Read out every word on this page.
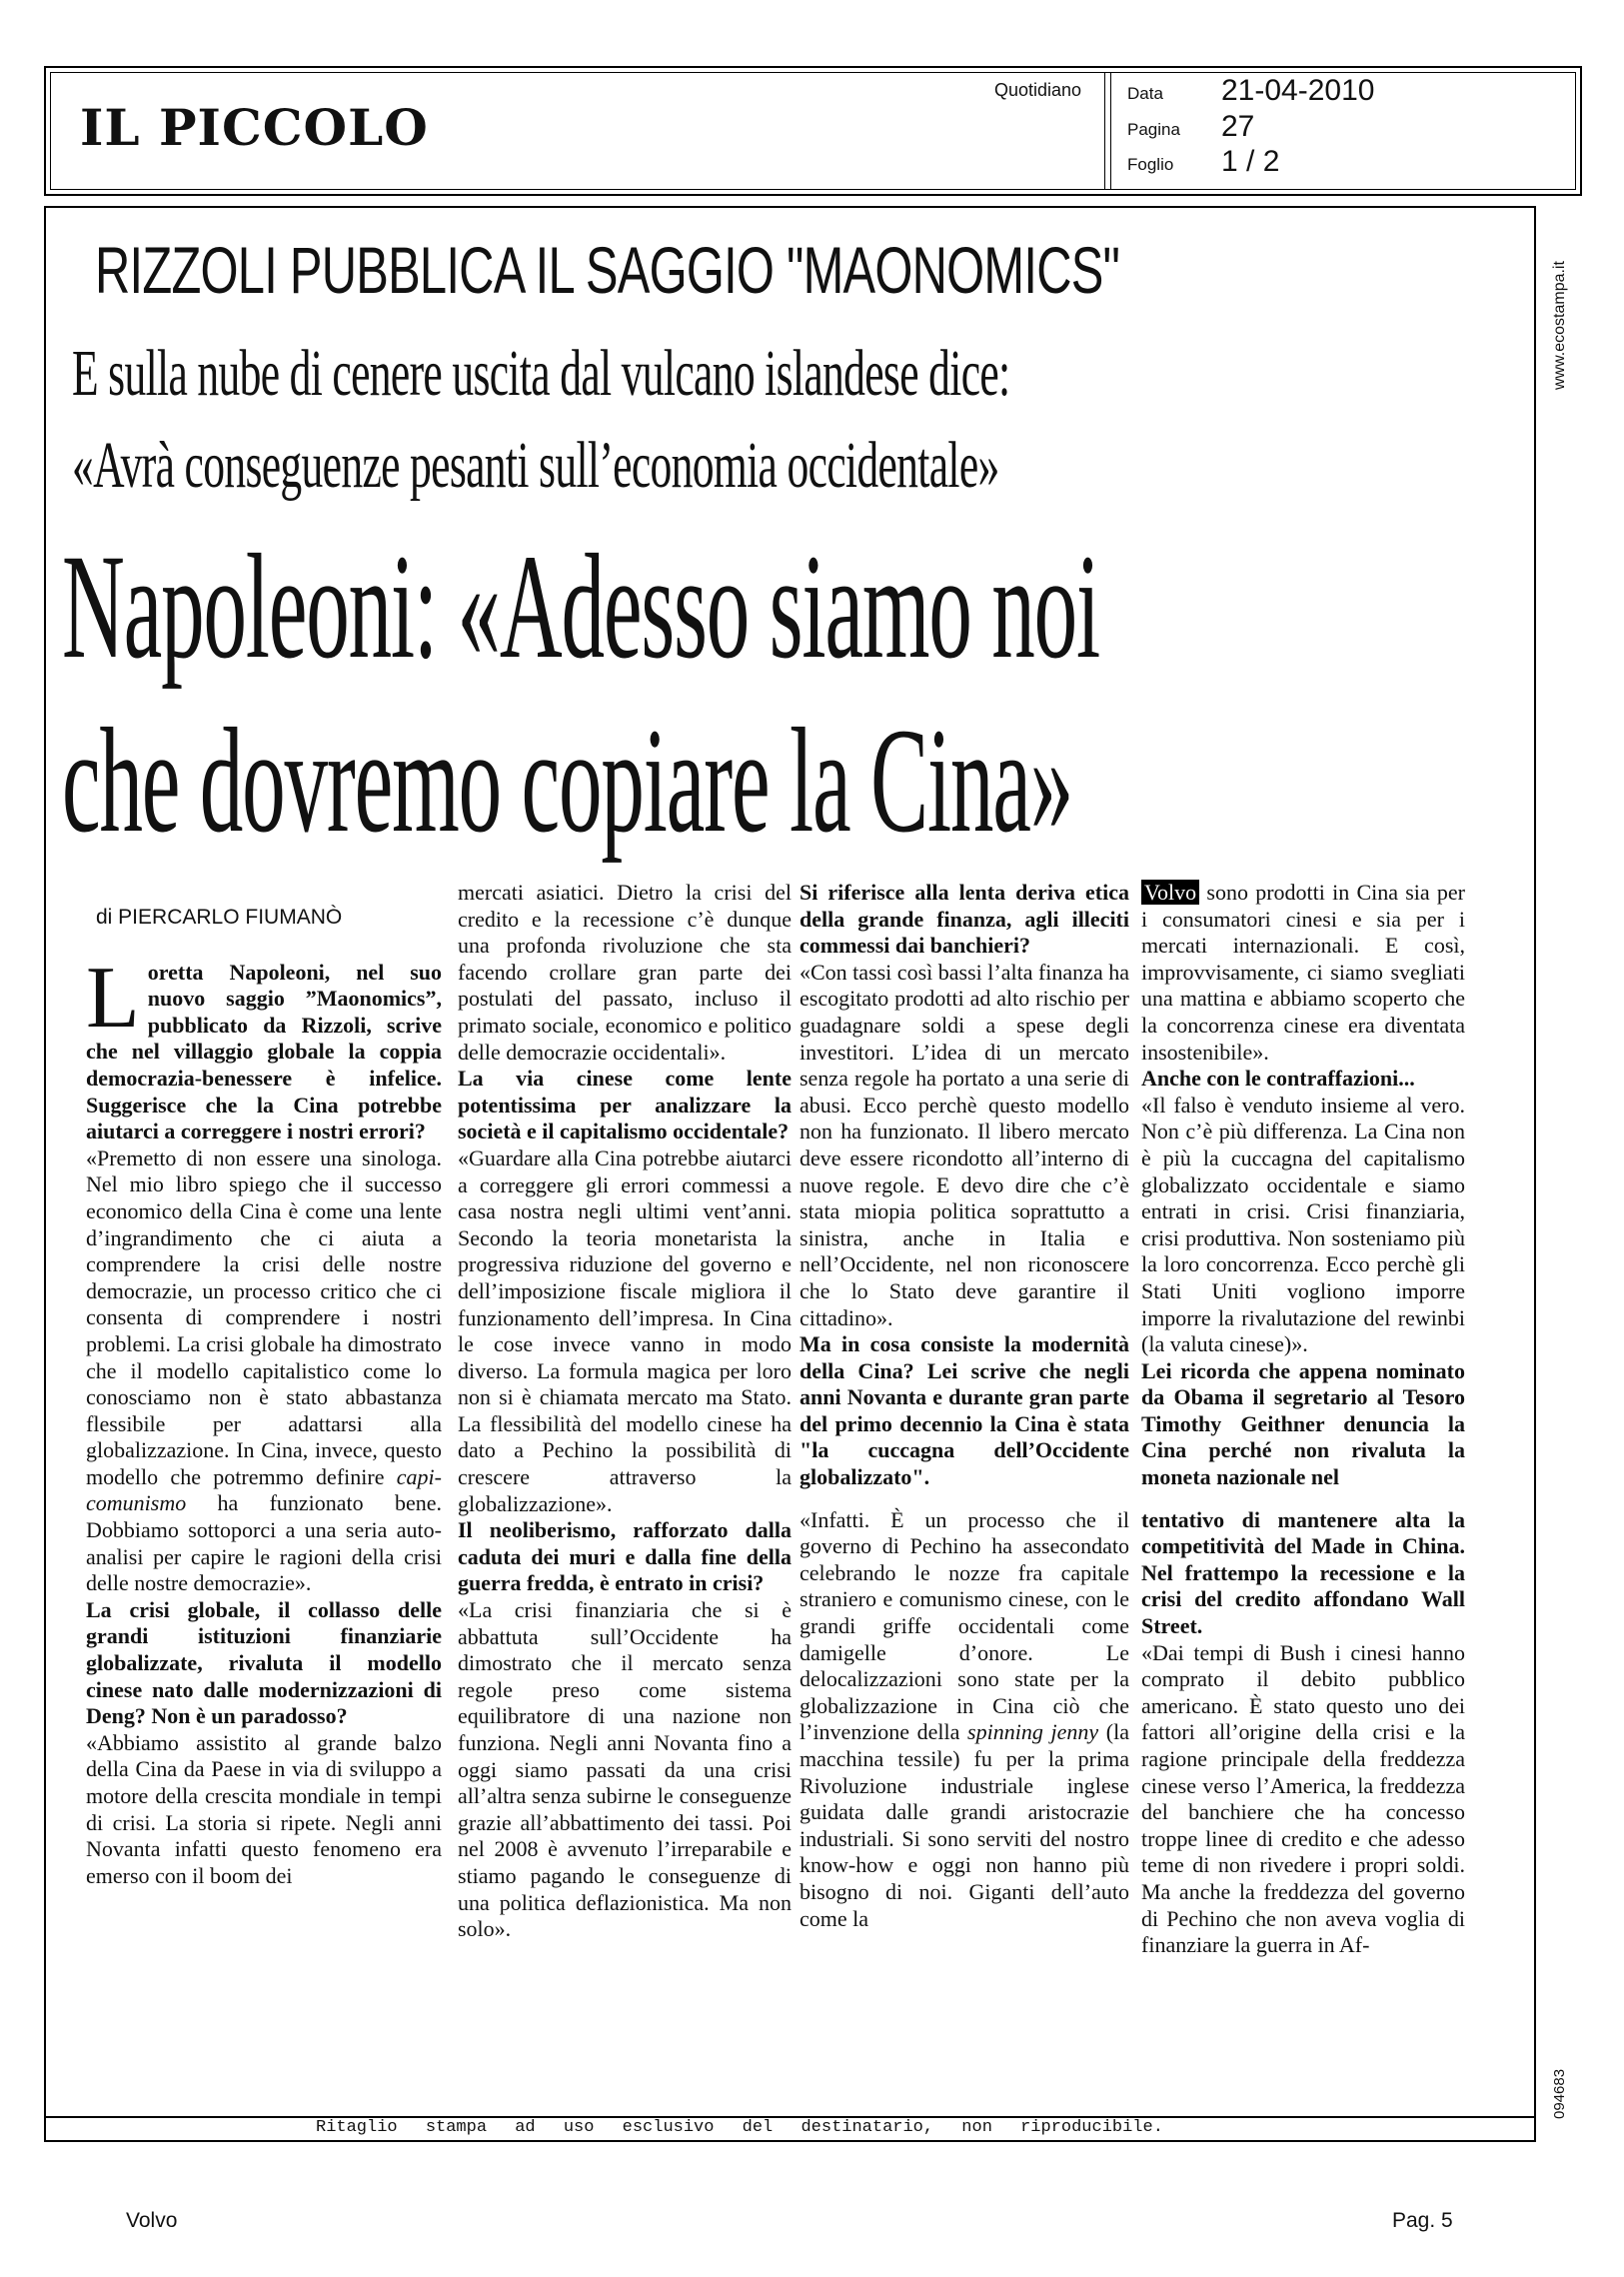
IL PICCOLO
Quotidiano	Data 21-04-2010
Pagina 27
Foglio 1 / 2
www.ecostampa.it
094683
RIZZOLI PUBBLICA IL SAGGIO "MAONOMICS"
E sulla nube di cenere uscita dal vulcano islandese dice:
«Avrà conseguenze pesanti sull’economia occidentale»
Napoleoni: «Adesso siamo noi
che dovremo copiare la Cina»
di PIERCARLO FIUMANÒ

Loretta Napoleoni, nel suo nuovo saggio ”Maonomics”, pubblicato da Rizzoli, scrive che nel villaggio globale la coppia democrazia-benessere è infelice. Suggerisce che la Cina potrebbe aiutarci a correggere i nostri errori?

«Premetto di non essere una sinologa. Nel mio libro spiego che il successo economico della Cina è come una lente d’ingrandimento che ci aiuta a comprendere la crisi delle nostre democrazie, un processo critico che ci consenta di comprendere i nostri problemi. La crisi globale ha dimostrato che il modello capitalistico come lo conosciamo non è stato abbastanza flessibile per adattarsi alla globalizzazione. In Cina, invece, questo modello che potremmo definire capi-comunismo ha funzionato bene. Dobbiamo sottoporci a una seria auto-analisi per capire le ragioni della crisi delle nostre democrazie».

La crisi globale, il collasso delle grandi istituzioni finanziarie globalizzate, rivaluta il modello cinese nato dalle modernizzazioni di Deng? Non è un paradosso?

«Abbiamo assistito al grande balzo della Cina da Paese in via di sviluppo a motore della crescita mondiale in tempi di crisi. La storia si ripete. Negli anni Novanta infatti questo fenomeno era emerso con il boom dei

mercati asiatici. Dietro la crisi del credito e la recessione c’è dunque una profonda rivoluzione che sta facendo crollare gran parte dei postulati del passato, incluso il primato sociale, economico e politico delle democrazie occidentali».

La via cinese come lente potentissima per analizzare la società e il capitalismo occidentale?

«Guardare alla Cina potrebbe aiutarci a correggere gli errori commessi a casa nostra negli ultimi vent’anni. Secondo la teoria monetarista la progressiva riduzione del governo e dell’imposizione fiscale migliora il funzionamento dell’impresa. In Cina le cose invece vanno in modo diverso. La formula magica per loro non si è chiamata mercato ma Stato. La flessibilità del modello cinese ha dato a Pechino la possibilità di crescere attraverso la globalizzazione».

Il neoliberismo, rafforzato dalla caduta dei muri e dalla fine della guerra fredda, è entrato in crisi?

«La crisi finanziaria che si è abbattuta sull’Occidente ha dimostrato che il mercato senza regole preso come sistema equilibratore di una nazione non funziona. Negli anni Novanta fino a oggi siamo passati da una crisi all’altra senza subirne le conseguenze grazie all’abbattimento dei tassi. Poi nel 2008 è avvenuto l’irreparabile e stiamo pagando le conseguenze di una politica deflazionistica. Ma non solo».

Si riferisce alla lenta deriva etica della grande finanza, agli illeciti commessi dai banchieri?

«Con tassi così bassi l’alta finanza ha escogitato prodotti ad alto rischio per guadagnare soldi a spese degli investitori. L’idea di un mercato senza regole ha portato a una serie di abusi. Ecco perchè questo modello non ha funzionato. Il libero mercato deve essere ricondotto all’interno di nuove regole. E devo dire che c’è stata miopia politica soprattutto a sinistra, anche in Italia e nell’Occidente, nel non riconoscere che lo Stato deve garantire il cittadino».

Ma in cosa consiste la modernità della Cina? Lei scrive che negli anni Novanta e durante gran parte del primo decennio la Cina è stata "la cuccagna dell’Occidente globalizzato".

«Infatti. È un processo che il governo di Pechino ha assecondato celebrando le nozze fra capitale straniero e comunismo cinese, con le grandi griffe occidentali come damigelle d’onore. Le delocalizzazioni sono state per la globalizzazione in Cina ciò che l’invenzione della spinning jenny (la macchina tessile) fu per la prima Rivoluzione industriale inglese guidata dalle grandi aristocrazie industriali. Si sono serviti del nostro know-how e oggi non hanno più bisogno di noi. Giganti dell’auto come la

Volvo sono prodotti in Cina sia per i consumatori cinesi e sia per i mercati internazionali. E così, improvvisamente, ci siamo svegliati una mattina e abbiamo scoperto che la concorrenza cinese era diventata insostenibile».

Anche con le contraffazioni...

«Il falso è venduto insieme al vero. Non c’è più differenza. La Cina non è più la cuccagna del capitalismo globalizzato occidentale e siamo entrati in crisi. Crisi finanziaria, crisi produttiva. Non sosteniamo più la loro concorrenza. Ecco perchè gli Stati Uniti vogliono imporre imporre la rivalutazione del rewinbi (la valuta cinese)».

Lei ricorda che appena nominato da Obama il segretario al Tesoro Timothy Geithner denuncia la Cina perché non rivaluta la moneta nazionale nel

tentativo di mantenere alta la competitività del Made in China. Nel frattempo la recessione e la crisi del credito affondano Wall Street.

«Dai tempi di Bush i cinesi hanno comprato il debito pubblico americano. È stato questo uno dei fattori all’origine della crisi e la ragione principale della freddezza cinese verso l’America, la freddezza del banchiere che ha concesso troppe linee di credito e che adesso teme di non rivedere i propri soldi. Ma anche la freddezza del governo di Pechino che non aveva voglia di finanziare la guerra in Af-

Ritaglio stampa ad uso esclusivo del destinatario, non riproducibile.
Volvo	Pag. 5
